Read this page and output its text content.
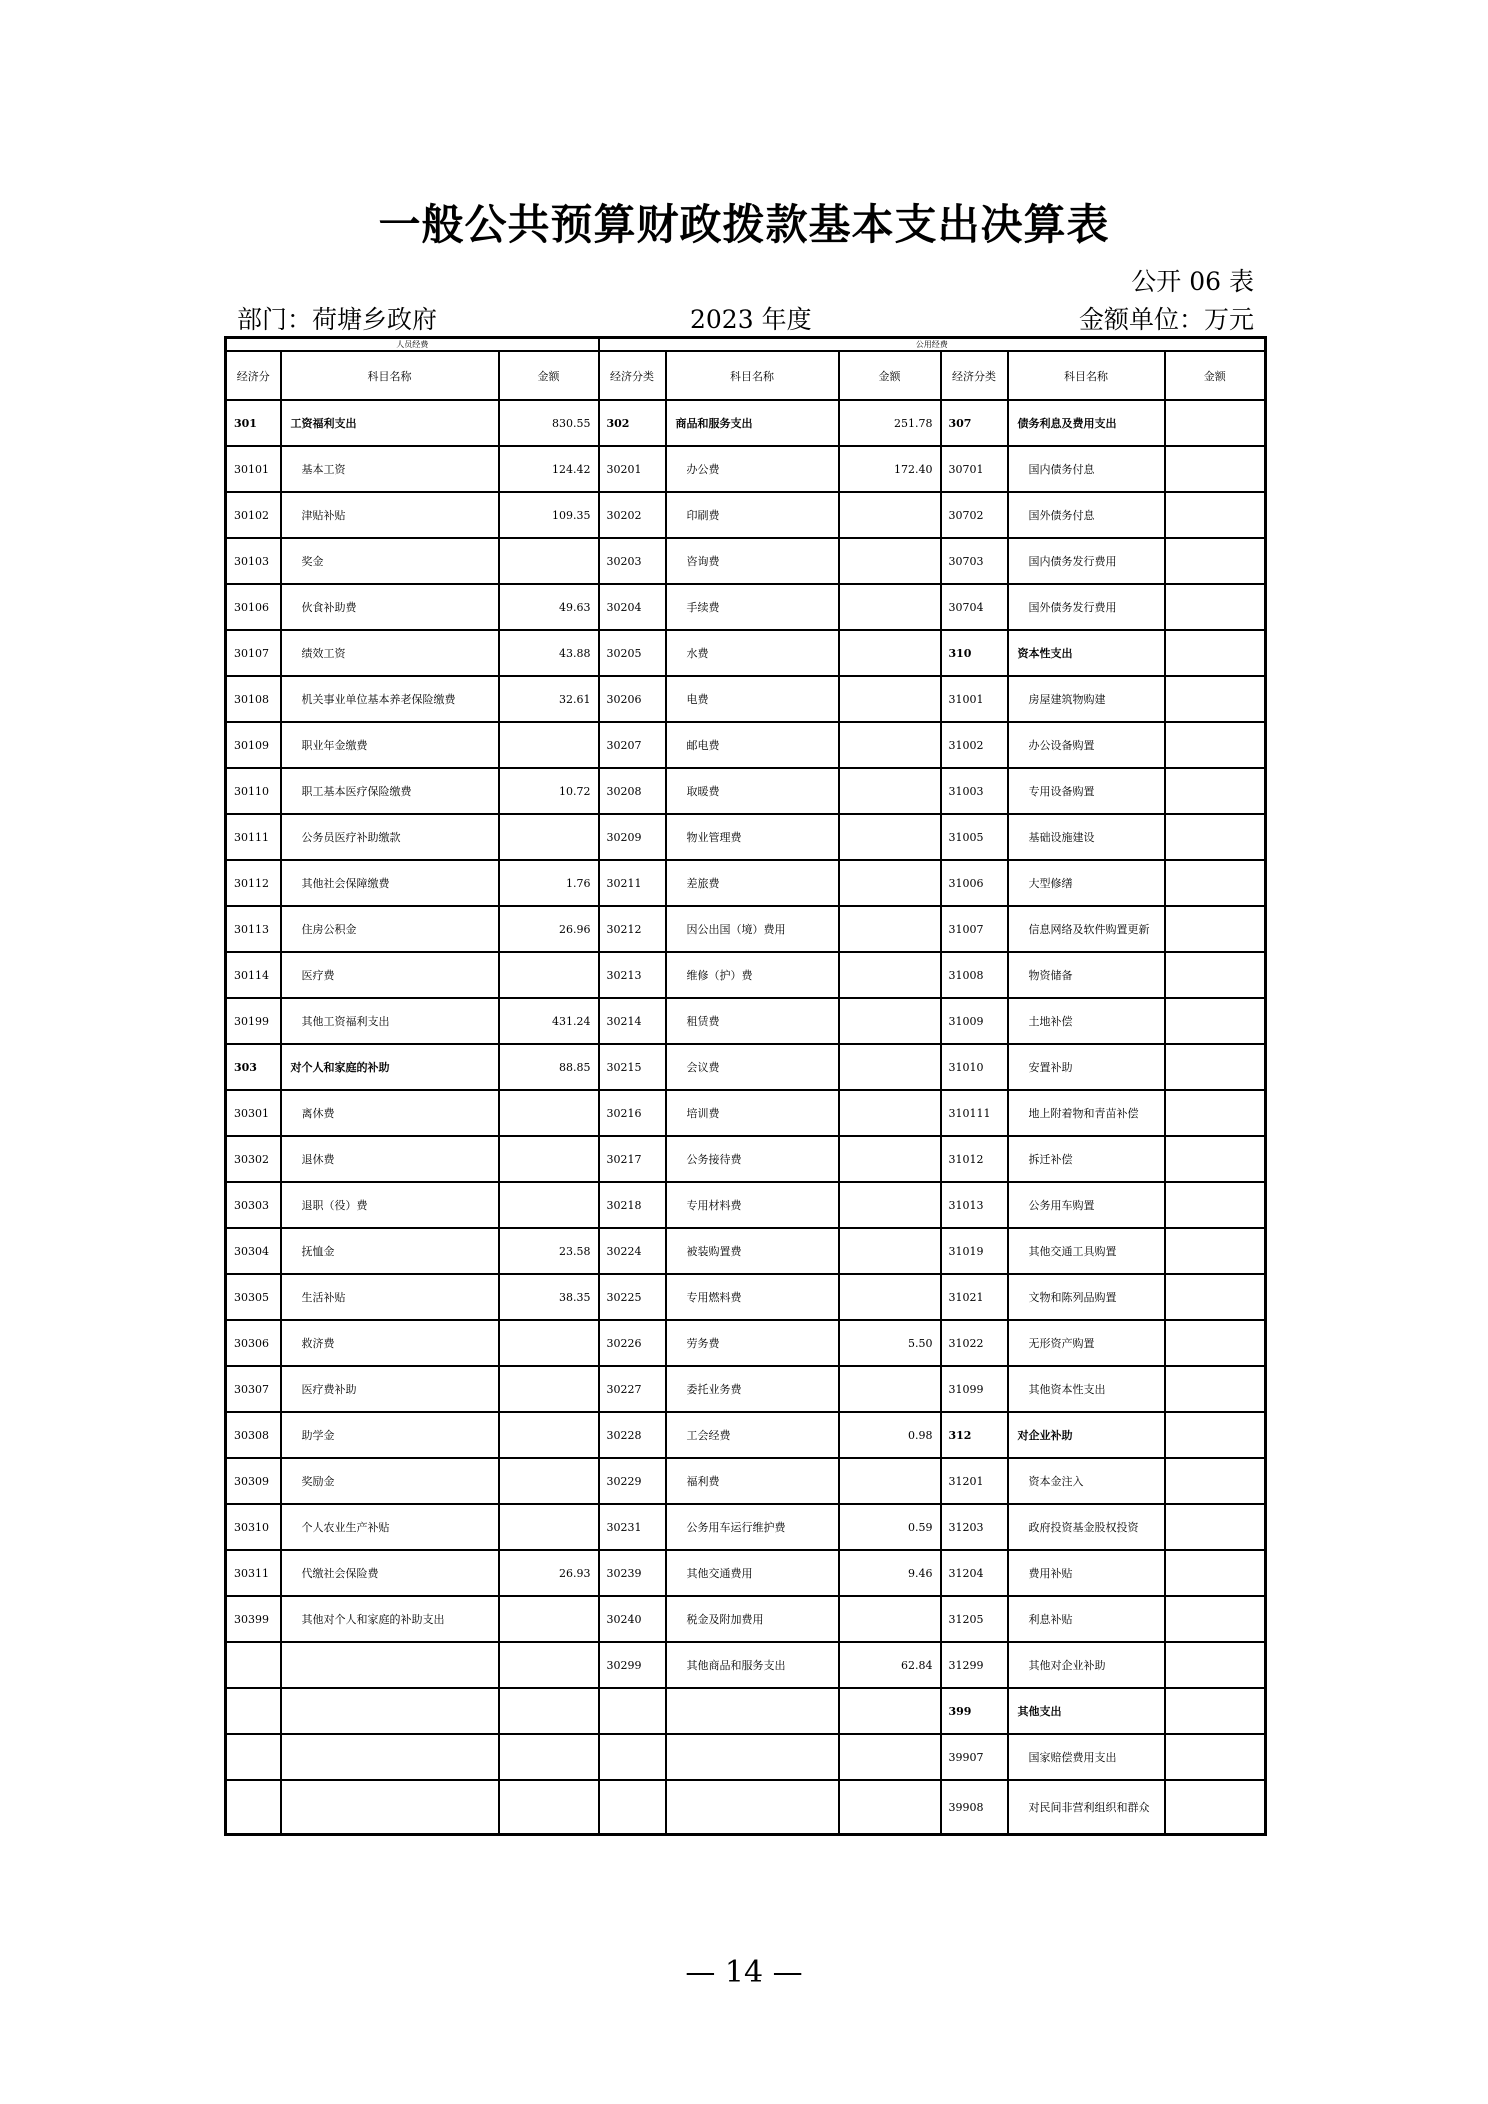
一般公共预算财政拨款基本支出决算表
公开 06 表
部门：荷塘乡政府	2023 年度	金额单位：万元
人员经费			公用经费					
经济分	科目名称	金额	经济分类	科目名称	金额	经济分类	科目名称	金额
301	工资福利支出	830.55	302	商品和服务支出	251.78	307	债务利息及费用支出	
30101	基本工资	124.42	30201	办公费	172.40	30701	国内债务付息	
30102	津贴补贴	109.35	30202	印刷费		30702	国外债务付息	
30103	奖金		30203	咨询费		30703	国内债务发行费用	
30106	伙食补助费	49.63	30204	手续费		30704	国外债务发行费用	
30107	绩效工资	43.88	30205	水费		310	资本性支出	
30108	机关事业单位基本养老保险缴费	32.61	30206	电费		31001	房屋建筑物购建	
30109	职业年金缴费		30207	邮电费		31002	办公设备购置	
30110	职工基本医疗保险缴费	10.72	30208	取暖费		31003	专用设备购置	
30111	公务员医疗补助缴款		30209	物业管理费		31005	基础设施建设	
30112	其他社会保障缴费	1.76	30211	差旅费		31006	大型修缮	
30113	住房公积金	26.96	30212	因公出国（境）费用		31007	信息网络及软件购置更新	
30114	医疗费		30213	维修（护）费		31008	物资储备	
30199	其他工资福利支出	431.24	30214	租赁费		31009	土地补偿	
303	对个人和家庭的补助	88.85	30215	会议费		31010	安置补助	
30301	离休费		30216	培训费		310111	地上附着物和青苗补偿	
30302	退休费		30217	公务接待费		31012	拆迁补偿	
30303	退职（役）费		30218	专用材料费		31013	公务用车购置	
30304	抚恤金	23.58	30224	被装购置费		31019	其他交通工具购置	
30305	生活补贴	38.35	30225	专用燃料费		31021	文物和陈列品购置	
30306	救济费		30226	劳务费	5.50	31022	无形资产购置	
30307	医疗费补助		30227	委托业务费		31099	其他资本性支出	
30308	助学金		30228	工会经费	0.98	312	对企业补助	
30309	奖励金		30229	福利费		31201	资本金注入	
30310	个人农业生产补贴		30231	公务用车运行维护费	0.59	31203	政府投资基金股权投资	
30311	代缴社会保险费	26.93	30239	其他交通费用	9.46	31204	费用补贴	
30399	其他对个人和家庭的补助支出		30240	税金及附加费用		31205	利息补贴	
			30299	其他商品和服务支出	62.84	31299	其他对企业补助	
						399	其他支出	
						39907	国家赔偿费用支出	
						39908	对民间非营利组织和群众	
— 14 —
